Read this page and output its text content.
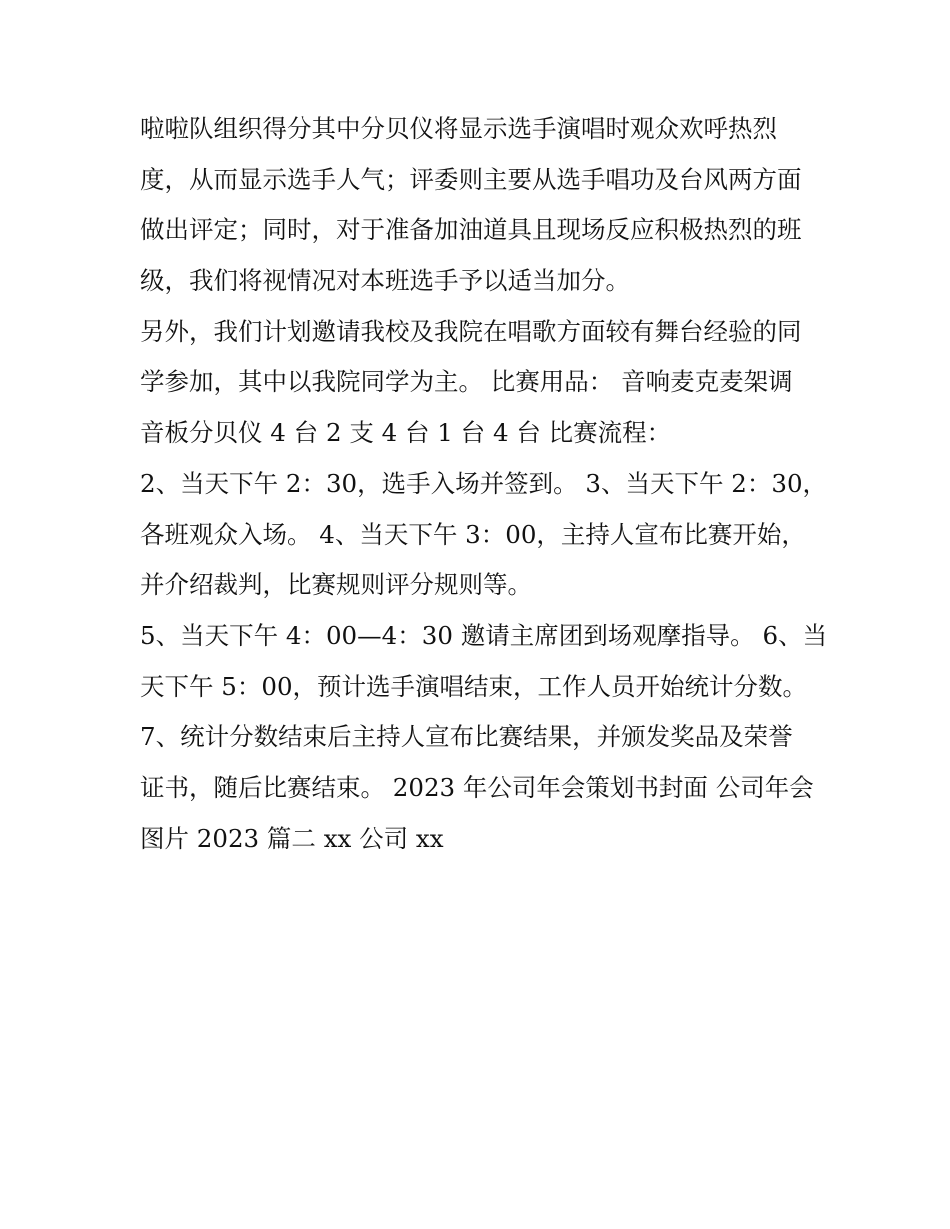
啦啦队组织得分其中分贝仪将显示选手演唱时观众欢呼热烈

度，从而显示选手人气；评委则主要从选手唱功及台风两方面

做出评定；同时，对于准备加油道具且现场反应积极热烈的班

级，我们将视情况对本班选手予以适当加分。

另外，我们计划邀请我校及我院在唱歌方面较有舞台经验的同

学参加，其中以我院同学为主。 比赛用品： 音响麦克麦架调

音板分贝仪 4 台 2 支 4 台 1 台 4 台 比赛流程：

2、当天下午 2：30，选手入场并签到。 3、当天下午 2：30，

各班观众入场。 4、当天下午 3：00，主持人宣布比赛开始，

并介绍裁判，比赛规则评分规则等。

5、当天下午 4：00—4：30 邀请主席团到场观摩指导。 6、当

天下午 5：00，预计选手演唱结束，工作人员开始统计分数。

7、统计分数结束后主持人宣布比赛结果，并颁发奖品及荣誉

证书，随后比赛结束。 2023 年公司年会策划书封面 公司年会

图片 2023 篇二 xx 公司 xx
